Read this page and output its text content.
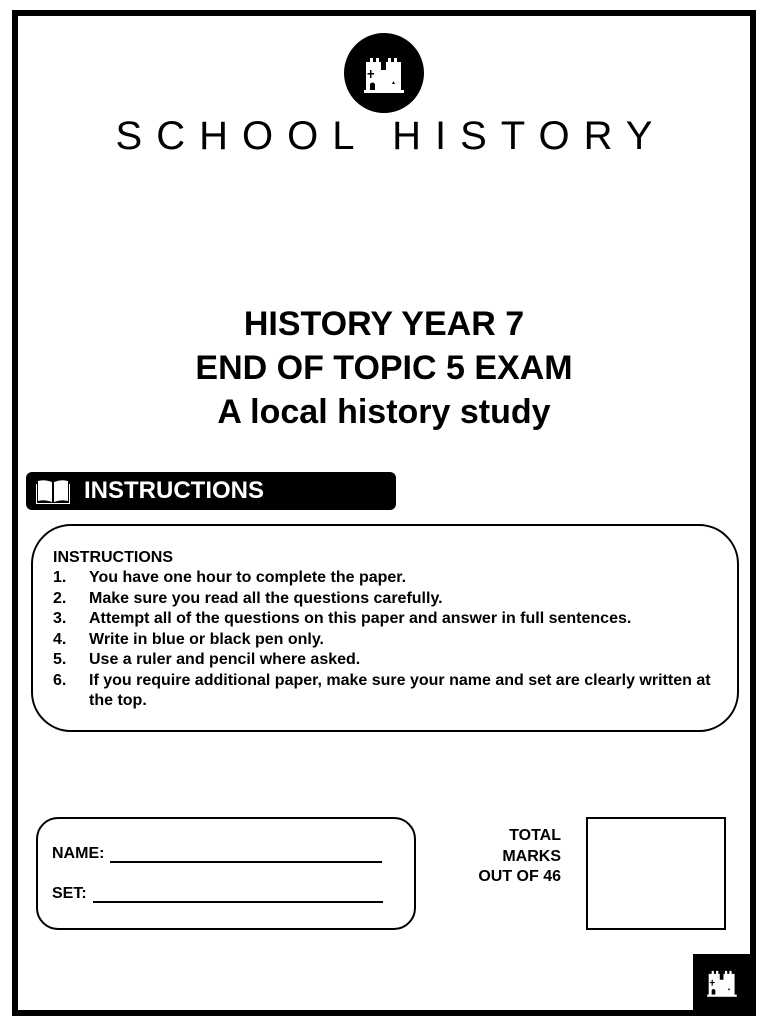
SCHOOL HISTORY
HISTORY YEAR 7
END OF TOPIC 5 EXAM
A local history study
INSTRUCTIONS
INSTRUCTIONS
1.	You have one hour to complete the paper.
2.	Make sure you read all the questions carefully.
3.	Attempt all of the questions on this paper and answer in full sentences.
4.	Write in blue or black pen only.
5.	Use a ruler and pencil where asked.
6.	If you require additional paper, make sure your name and set are clearly written at the top.
NAME:
SET:
TOTAL
MARKS
OUT OF 46
